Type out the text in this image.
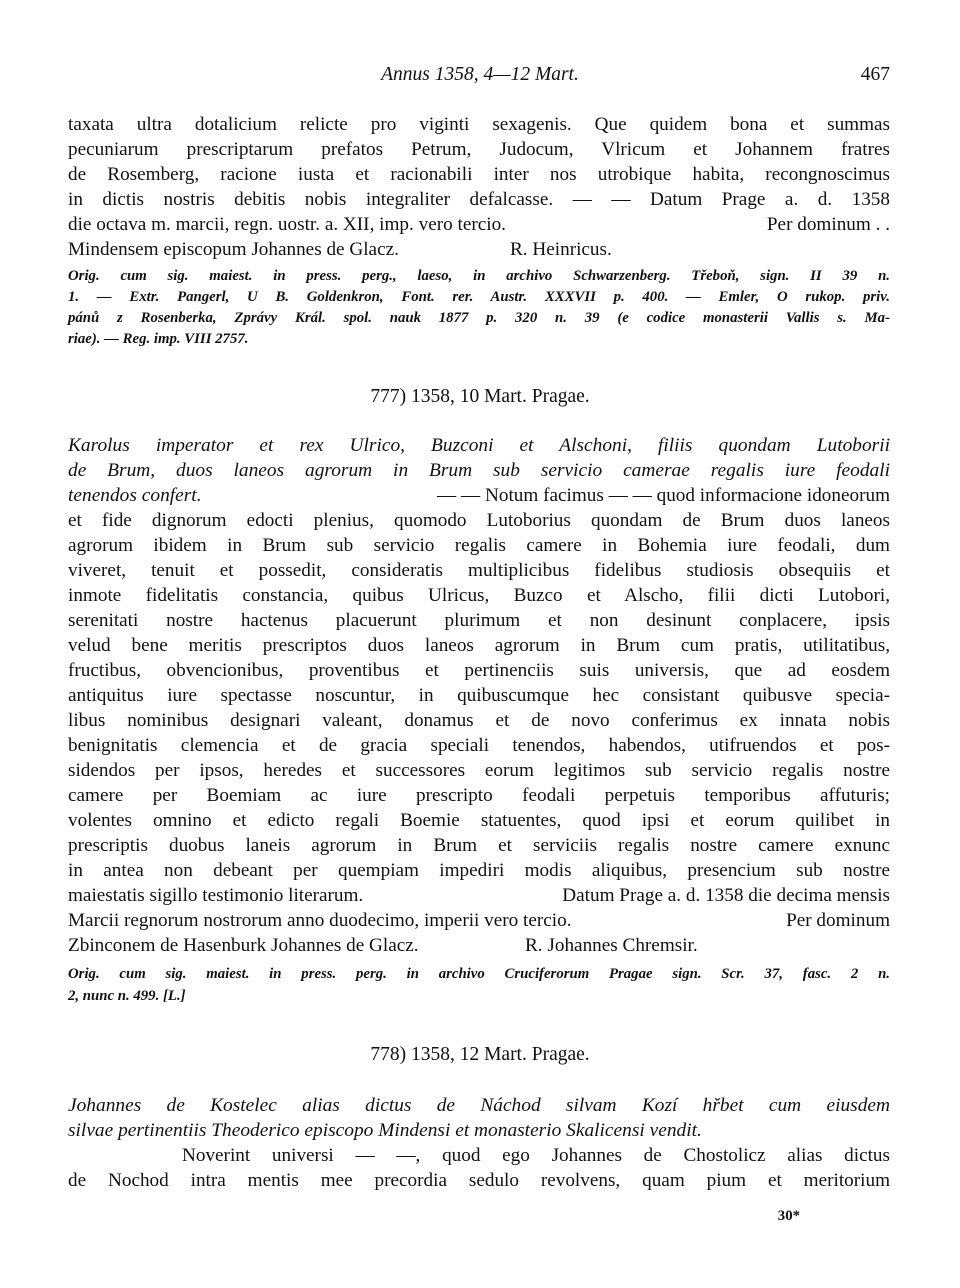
Annus 1358, 4—12 Mart.	467
taxata ultra dotalicium relicte pro viginti sexagenis. Que quidem bona et summas
pecuniarum prescriptarum prefatos Petrum, Judocum, Vlricum et Johannem fratres
de Rosemberg, racione iusta et racionabili inter nos utrobique habita, recongnoscimus
in dictis nostris debitis nobis integraliter defalcasse. — — Datum Prage a. d. 1358
die octava m. marcii, regn. uostr. a. XII, imp. vero tercio.	Per dominum . .
Mindensem episcopum Johannes de Glacz.	R. Heinricus.
Orig. cum sig. maiest. in press. perg., laeso, in archivo Schwarzenberg. Třeboň, sign. II 39 n.
1. — Extr. Pangerl, U B. Goldenkron, Font. rer. Austr. XXXVII p. 400. — Emler, O rukop. priv.
pánů z Rosenberka, Zprávy Král. spol. nauk 1877 p. 320 n. 39 (e codice monasterii Vallis s. Ma-
riae). — Reg. imp. VIII 2757.
777) 1358, 10 Mart. Pragae.
Karolus imperator et rex Ulrico, Buzconi et Alschoni, filiis quondam Lutoborii
de Brum, duos laneos agrorum in Brum sub servicio camerae regalis iure feodali
tenendos confert.	— — Notum facimus — — quod informacione idoneorum
et fide dignorum edocti plenius, quomodo Lutoborius quondam de Brum duos laneos
agrorum ibidem in Brum sub servicio regalis camere in Bohemia iure feodali, dum
viveret, tenuit et possedit, consideratis multiplicibus fidelibus studiosis obsequiis et
inmote fidelitatis constancia, quibus Ulricus, Buzco et Alscho, filii dicti Lutobori,
serenitati nostre hactenus placuerunt plurimum et non desinunt conplacere, ipsis
velud bene meritis prescriptos duos laneos agrorum in Brum cum pratis, utilitatibus,
fructibus, obvencionibus, proventibus et pertinenciis suis universis, que ad eosdem
antiquitus iure spectasse noscuntur, in quibuscumque hec consistant quibusve specia-
libus nominibus designari valeant, donamus et de novo conferimus ex innata nobis
benignitatis clemencia et de gracia speciali tenendos, habendos, utifruendos et pos-
sidendos per ipsos, heredes et successores eorum legitimos sub servicio regalis nostre
camere per Boemiam ac iure prescripto feodali perpetuis temporibus affuturis;
volentes omnino et edicto regali Boemie statuentes, quod ipsi et eorum quilibet in
prescriptis duobus laneis agrorum in Brum et serviciis regalis nostre camere exnunc
in antea non debeant per quempiam impediri modis aliquibus, presencium sub nostre
maiestatis sigillo testimonio literarum.	Datum Prage a. d. 1358 die decima mensis
Marcii regnorum nostrorum anno duodecimo, imperii vero tercio.	Per dominum
Zbinconem de Hasenburk Johannes de Glacz.	R. Johannes Chremsir.
Orig. cum sig. maiest. in press. perg. in archivo Cruciferorum Pragae sign. Scr. 37, fasc. 2 n.
2, nunc n. 499. [L.]
778) 1358, 12 Mart. Pragae.
Johannes de Kostelec alias dictus de Náchod silvam Kozí hřbet cum eiusdem
silvae pertinentiis Theoderico episcopo Mindensi et monasterio Skalicensi vendit.
Noverint universi — —, quod ego Johannes de Chostolicz alias dictus
de Nochod intra mentis mee precordia sedulo revolvens, quam pium et meritorium
30*
